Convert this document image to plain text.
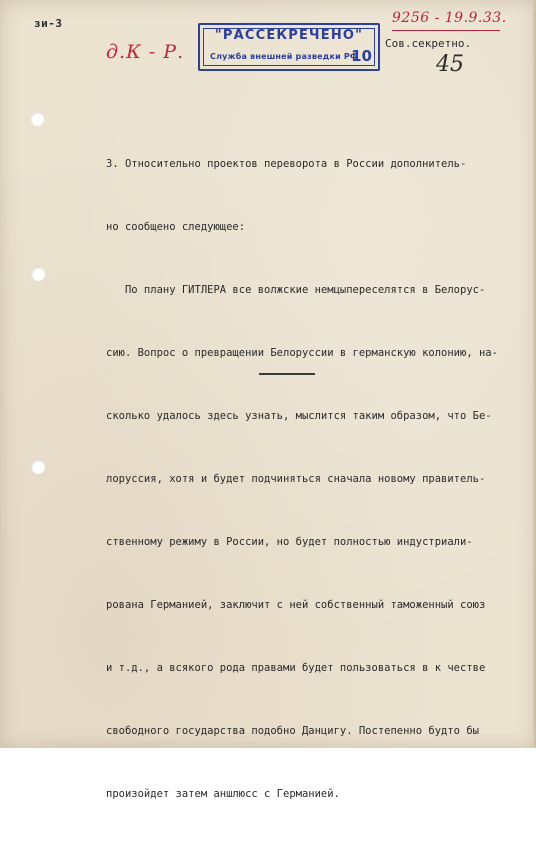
зи-3
д.К - Р.
"РАССЕКРЕЧЕНО"
Служба внешней разведки РФ
10
9256 - 19.9.33.
Сов.секретно.
45

3. Относительно проектов переворота в России дополнитель-

но сообщено следующее:

По плану ГИТЛЕРА все волжские немцыпереселятся в Белорус-

сию. Вопрос о превращении Белоруссии в германскую колонию, на-

сколько удалось здесь узнать, мыслится таким образом, что Бе-

лоруссия, хотя и будет подчиняться сначала новому правитель-

ственному режиму в России, но будет полностью индустриали-

рована Германией, заключит с ней собственный таможенный союз

и т.д., а всякого рода правами будет пользоваться в к честве

свободного государства подобно Данцигу. Постепенно будто бы

произойдет затем аншлюсс с Германией.
